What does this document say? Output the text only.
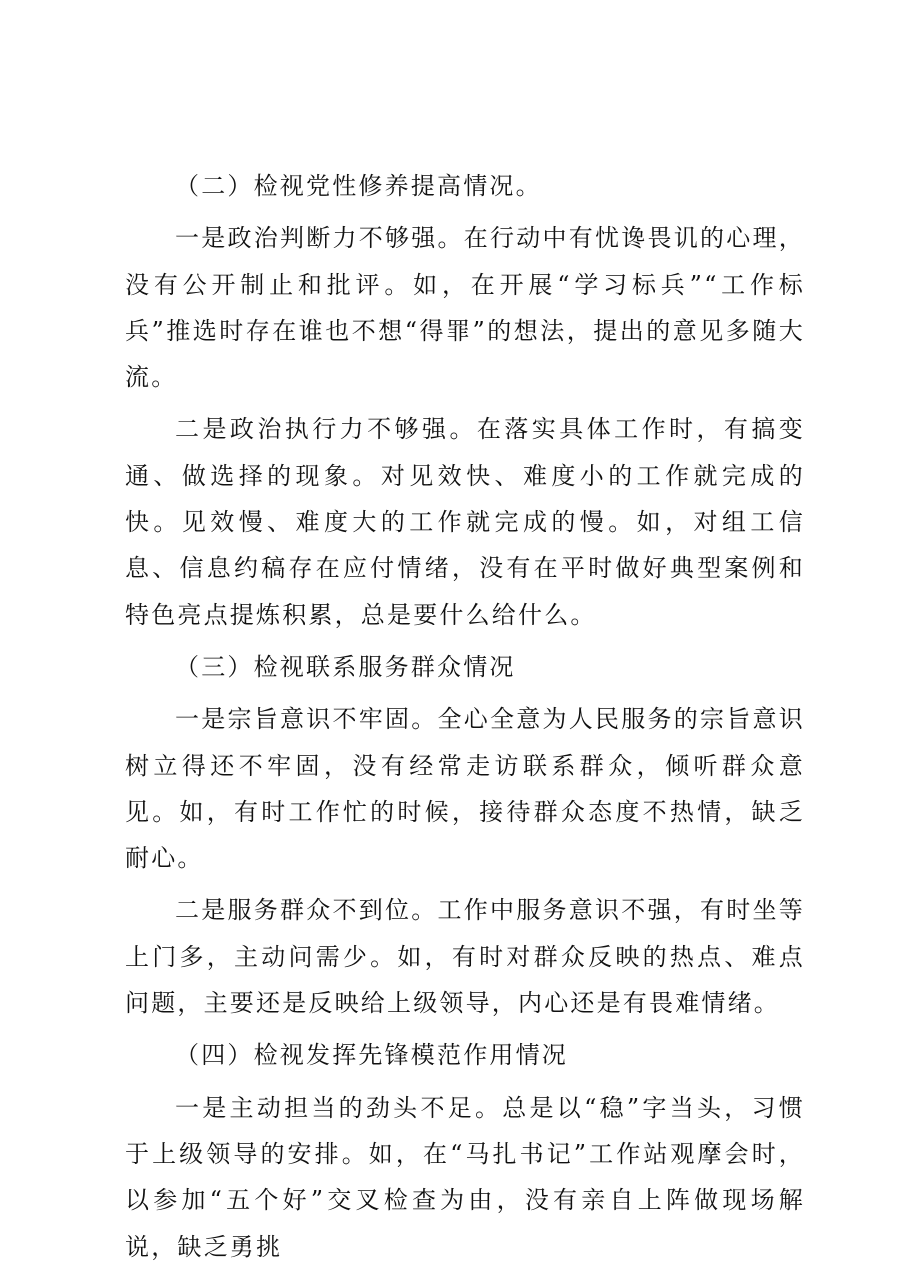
（二）检视党性修养提高情况。

一是政治判断力不够强。在行动中有忧谗畏讥的心理，没有公开制止和批评。如，在开展“学习标兵”“工作标兵”推选时存在谁也不想“得罪”的想法，提出的意见多随大流。

二是政治执行力不够强。在落实具体工作时，有搞变通、做选择的现象。对见效快、难度小的工作就完成的快。见效慢、难度大的工作就完成的慢。如，对组工信息、信息约稿存在应付情绪，没有在平时做好典型案例和特色亮点提炼积累，总是要什么给什么。

（三）检视联系服务群众情况

一是宗旨意识不牢固。全心全意为人民服务的宗旨意识树立得还不牢固，没有经常走访联系群众，倾听群众意见。如，有时工作忙的时候，接待群众态度不热情，缺乏耐心。

二是服务群众不到位。工作中服务意识不强，有时坐等上门多，主动问需少。如，有时对群众反映的热点、难点问题，主要还是反映给上级领导，内心还是有畏难情绪。

（四）检视发挥先锋模范作用情况

一是主动担当的劲头不足。总是以“稳”字当头，习惯于上级领导的安排。如，在“马扎书记”工作站观摩会时，以参加“五个好”交叉检查为由，没有亲自上阵做现场解说，缺乏勇挑
